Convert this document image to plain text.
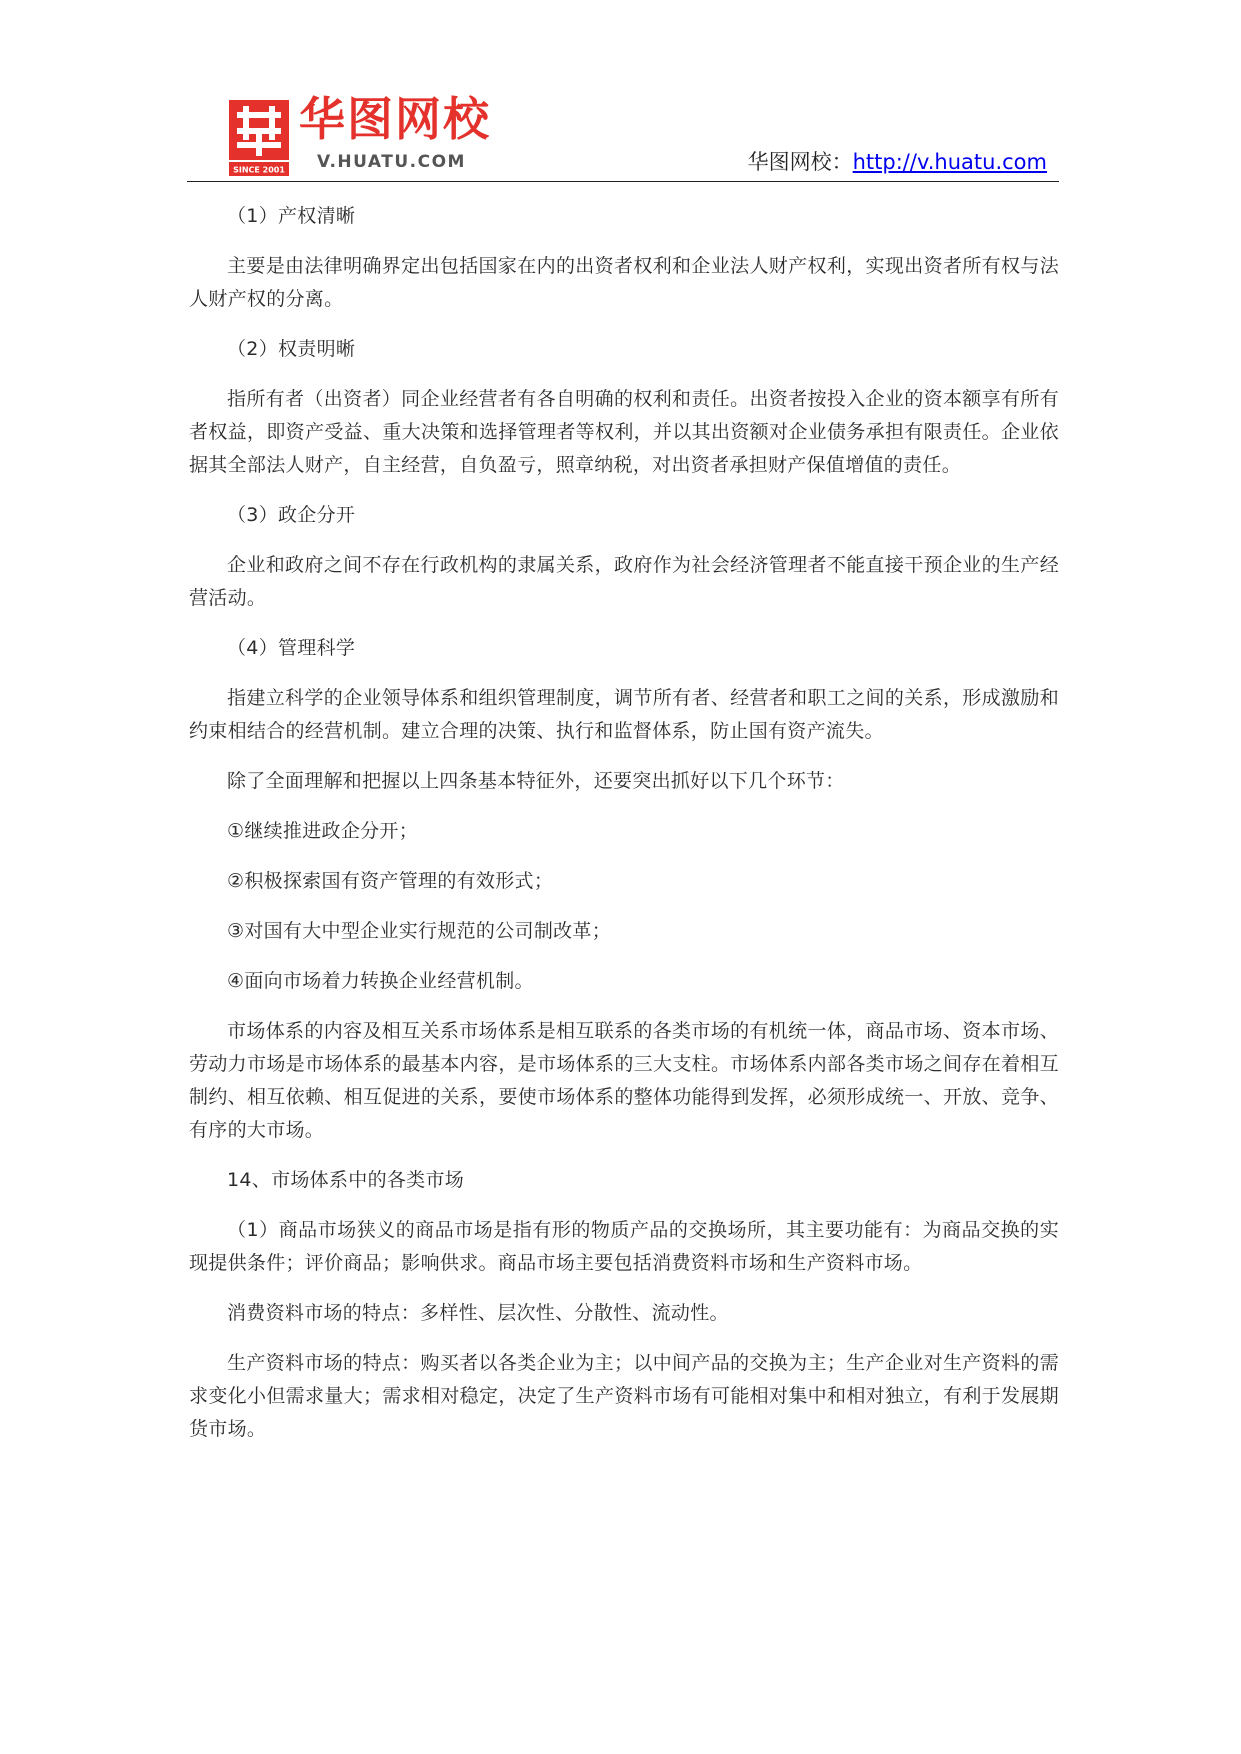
SINCE 2001
华图网校
V.HUATU.COM	华图网校：http://v.huatu.com

（1）产权清晰

主要是由法律明确界定出包括国家在内的出资者权利和企业法人财产权利，实现出资者所有权与法人财产权的分离。

（2）权责明晰

指所有者（出资者）同企业经营者有各自明确的权利和责任。出资者按投入企业的资本额享有所有者权益，即资产受益、重大决策和选择管理者等权利，并以其出资额对企业债务承担有限责任。企业依据其全部法人财产，自主经营，自负盈亏，照章纳税，对出资者承担财产保值增值的责任。

（3）政企分开

企业和政府之间不存在行政机构的隶属关系，政府作为社会经济管理者不能直接干预企业的生产经营活动。

（4）管理科学

指建立科学的企业领导体系和组织管理制度，调节所有者、经营者和职工之间的关系，形成激励和约束相结合的经营机制。建立合理的决策、执行和监督体系，防止国有资产流失。

除了全面理解和把握以上四条基本特征外，还要突出抓好以下几个环节：

①继续推进政企分开；

②积极探索国有资产管理的有效形式；

③对国有大中型企业实行规范的公司制改革；

④面向市场着力转换企业经营机制。

市场体系的内容及相互关系市场体系是相互联系的各类市场的有机统一体，商品市场、资本市场、劳动力市场是市场体系的最基本内容，是市场体系的三大支柱。市场体系内部各类市场之间存在着相互制约、相互依赖、相互促进的关系，要使市场体系的整体功能得到发挥，必须形成统一、开放、竞争、有序的大市场。

14、市场体系中的各类市场

（1）商品市场狭义的商品市场是指有形的物质产品的交换场所，其主要功能有：为商品交换的实现提供条件；评价商品；影响供求。商品市场主要包括消费资料市场和生产资料市场。

消费资料市场的特点：多样性、层次性、分散性、流动性。

生产资料市场的特点：购买者以各类企业为主；以中间产品的交换为主；生产企业对生产资料的需求变化小但需求量大；需求相对稳定，决定了生产资料市场有可能相对集中和相对独立，有利于发展期货市场。
